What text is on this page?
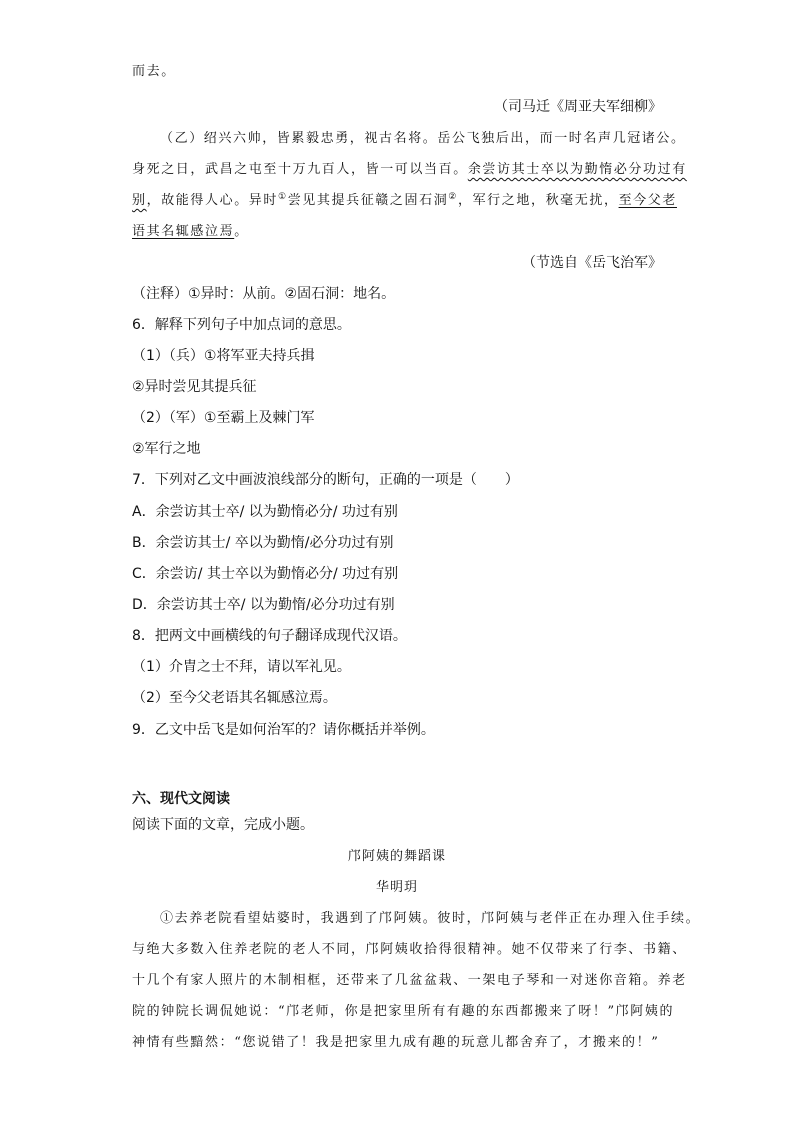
而去。
（司马迁《周亚夫军细柳》
（乙）绍兴六帅，皆累毅忠勇，视古名将。岳公飞独后出，而一时名声几冠诸公。
身死之日，武昌之屯至十万九百人，皆一可以当百。余尝访其士卒以为勤惰必分功过有
别，故能得人心。异时①尝见其提兵征赣之固石洞②，军行之地，秋毫无扰，至今父老
语其名辄感泣焉。
（节选自《岳飞治军》
（注释）①异时：从前。②固石洞：地名。
6．解释下列句子中加点词的意思。
（1）（兵）①将军亚夫持兵揖
②异时尝见其提兵征
（2）（军）①至霸上及棘门军
②军行之地
7．下列对乙文中画波浪线部分的断句，正确的一项是（　　）
A．余尝访其士卒/ 以为勤惰必分/ 功过有别
B．余尝访其士/ 卒以为勤惰/必分功过有别
C．余尝访/ 其士卒以为勤惰必分/ 功过有别
D．余尝访其士卒/ 以为勤惰/必分功过有别
8．把两文中画横线的句子翻译成现代汉语。
（1）介胄之士不拜，请以军礼见。
（2）至今父老语其名辄感泣焉。
9．乙文中岳飞是如何治军的？请你概括并举例。
六、现代文阅读
阅读下面的文章，完成小题。
邝阿姨的舞蹈课
华明玥
①去养老院看望姑婆时，我遇到了邝阿姨。彼时，邝阿姨与老伴正在办理入住手续。
与绝大多数入住养老院的老人不同，邝阿姨收拾得很精神。她不仅带来了行李、书籍、
十几个有家人照片的木制相框，还带来了几盆盆栽、一架电子琴和一对迷你音箱。养老
院的钟院长调侃她说：“邝老师，你是把家里所有有趣的东西都搬来了呀！”邝阿姨的
神情有些黯然：“您说错了！我是把家里九成有趣的玩意儿都舍弃了，才搬来的！”
